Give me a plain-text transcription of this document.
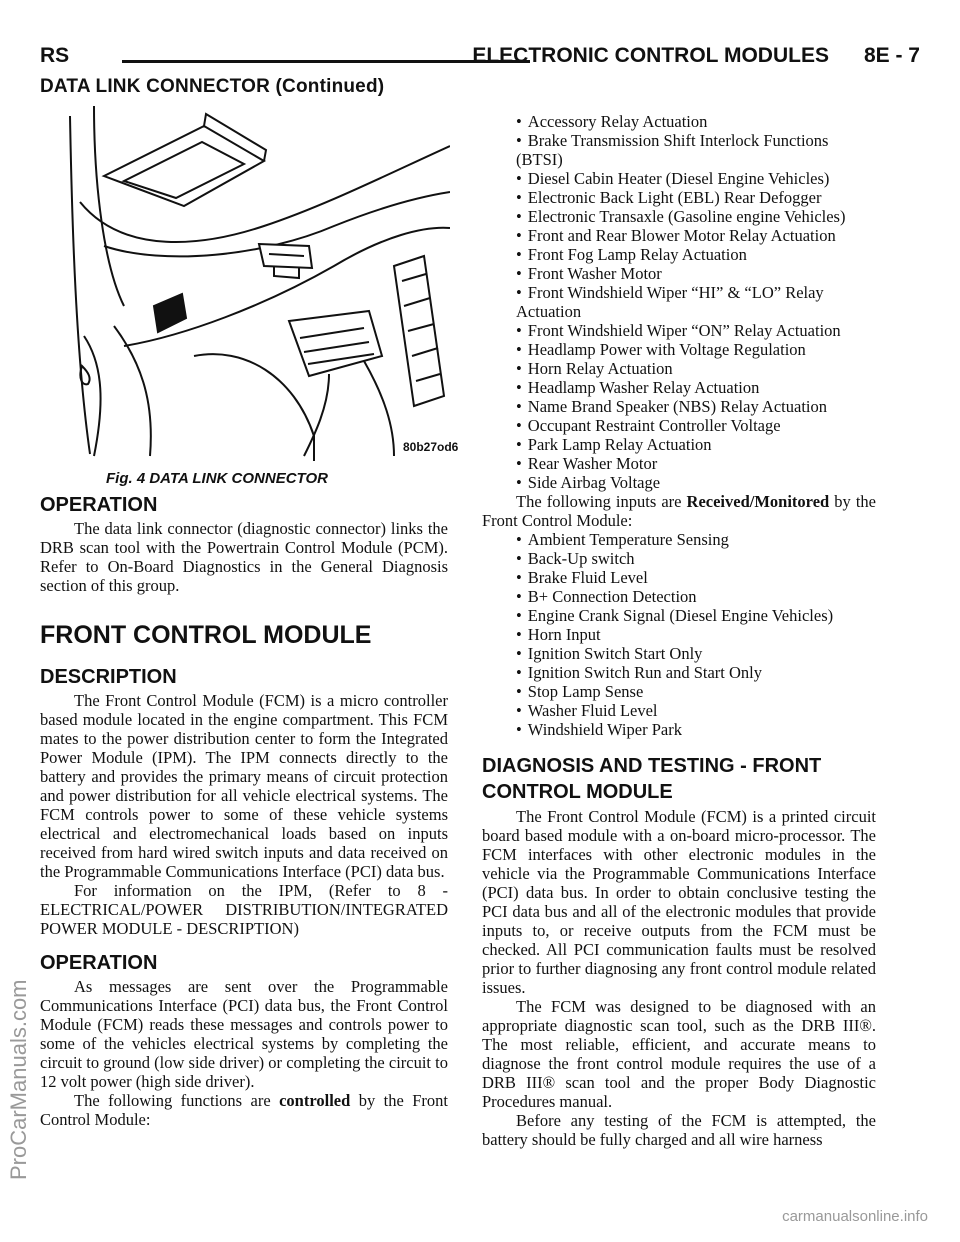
RS	ELECTRONIC CONTROL MODULES      8E - 7
DATA LINK CONNECTOR (Continued)
80b27od6
Fig. 4 DATA LINK CONNECTOR
OPERATION

The data link connector (diagnostic connector) links the DRB scan tool with the Powertrain Control Module (PCM). Refer to On-Board Diagnostics in the General Diagnosis section of this group.

FRONT CONTROL MODULE
DESCRIPTION

The Front Control Module (FCM) is a micro controller based module located in the engine compartment. This FCM mates to the power distribution center to form the Integrated Power Module (IPM). The IPM connects directly to the battery and provides the primary means of circuit protection and power distribution for all vehicle electrical systems. The FCM controls power to some of these vehicle systems electrical and electromechanical loads based on inputs received from hard wired switch inputs and data received on the Programmable Communications Interface (PCI) data bus.

For information on the IPM, (Refer to 8 - ELECTRICAL/POWER DISTRIBUTION/INTEGRATED POWER MODULE - DESCRIPTION)

OPERATION

As messages are sent over the Programmable Communications Interface (PCI) data bus, the Front Control Module (FCM) reads these messages and controls power to some of the vehicles electrical systems by completing the circuit to ground (low side driver) or completing the circuit to 12 volt power (high side driver).

The following functions are controlled by the Front Control Module:

• Accessory Relay Actuation
• Brake Transmission Shift Interlock Functions (BTSI)
• Diesel Cabin Heater (Diesel Engine Vehicles)
• Electronic Back Light (EBL) Rear Defogger
• Electronic Transaxle (Gasoline engine Vehicles)
• Front and Rear Blower Motor Relay Actuation
• Front Fog Lamp Relay Actuation
• Front Washer Motor
• Front Windshield Wiper “HI” & “LO” Relay Actuation
• Front Windshield Wiper “ON” Relay Actuation
• Headlamp Power with Voltage Regulation
• Horn Relay Actuation
• Headlamp Washer Relay Actuation
• Name Brand Speaker (NBS) Relay Actuation
• Occupant Restraint Controller Voltage
• Park Lamp Relay Actuation
• Rear Washer Motor
• Side Airbag Voltage

The following inputs are Received/Monitored by the Front Control Module:

• Ambient Temperature Sensing
• Back-Up switch
• Brake Fluid Level
• B+ Connection Detection
• Engine Crank Signal (Diesel Engine Vehicles)
• Horn Input
• Ignition Switch Start Only
• Ignition Switch Run and Start Only
• Stop Lamp Sense
• Washer Fluid Level
• Windshield Wiper Park
DIAGNOSIS AND TESTING - FRONT CONTROL MODULE

The Front Control Module (FCM) is a printed circuit board based module with a on-board micro-processor. The FCM interfaces with other electronic modules in the vehicle via the Programmable Communications Interface (PCI) data bus. In order to obtain conclusive testing the PCI data bus and all of the electronic modules that provide inputs to, or receive outputs from the FCM must be checked. All PCI communication faults must be resolved prior to further diagnosing any front control module related issues.

The FCM was designed to be diagnosed with an appropriate diagnostic scan tool, such as the DRB III®. The most reliable, efficient, and accurate means to diagnose the front control module requires the use of a DRB III® scan tool and the proper Body Diagnostic Procedures manual.

Before any testing of the FCM is attempted, the battery should be fully charged and all wire harness

ProCarManuals.com
carmanualsonline.info
